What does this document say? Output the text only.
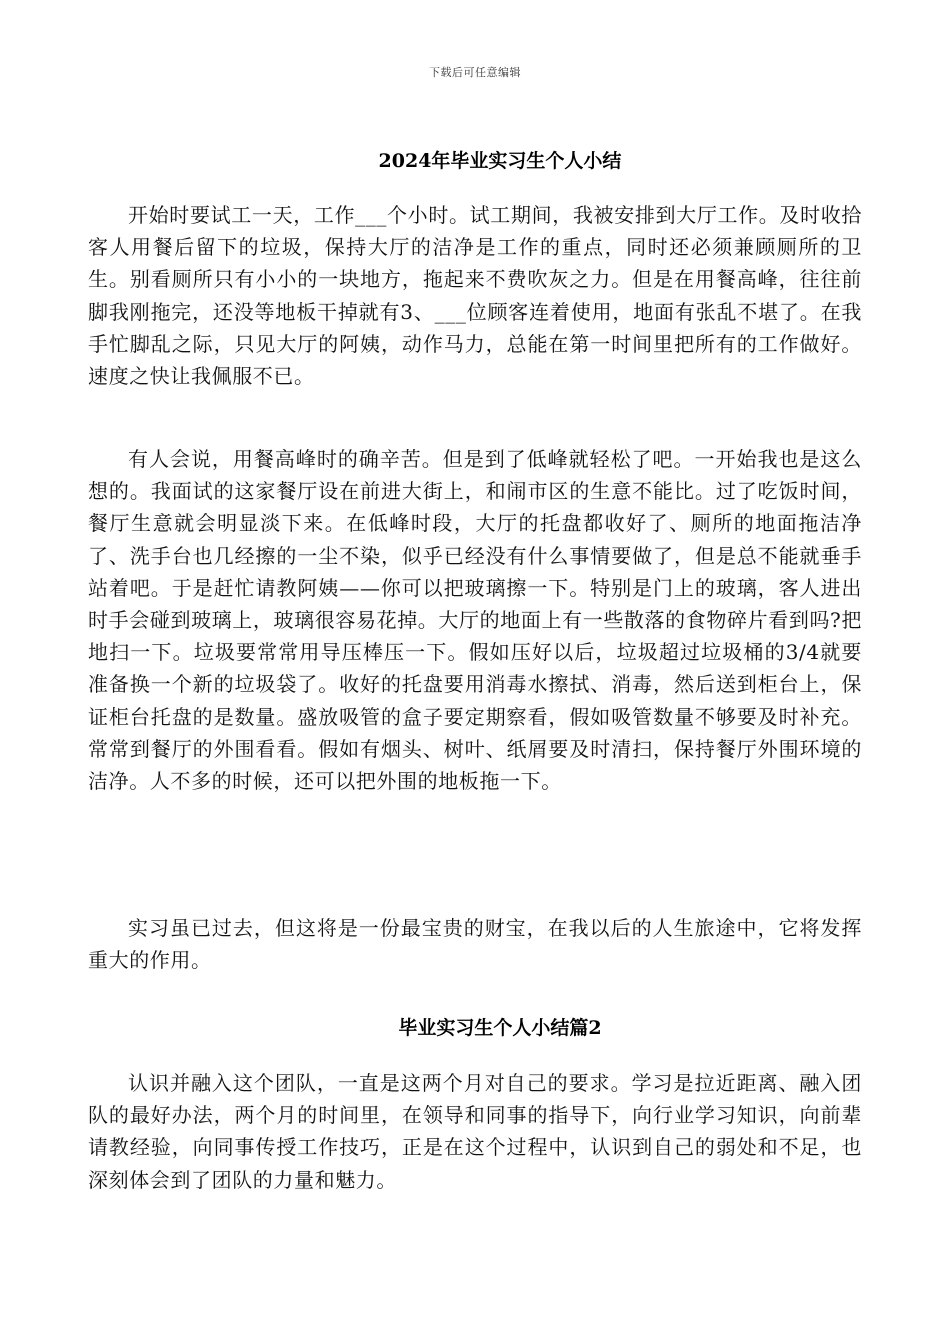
下载后可任意编辑
2024年毕业实习生个人小结

开始时要试工一天，工作___个小时。试工期间，我被安排到大厅工作。及时收拾客人用餐后留下的垃圾，保持大厅的洁净是工作的重点，同时还必须兼顾厕所的卫生。别看厕所只有小小的一块地方，拖起来不费吹灰之力。但是在用餐高峰，往往前脚我刚拖完，还没等地板干掉就有3、___位顾客连着使用，地面有张乱不堪了。在我手忙脚乱之际，只见大厅的阿姨，动作马力，总能在第一时间里把所有的工作做好。速度之快让我佩服不已。

有人会说，用餐高峰时的确辛苦。但是到了低峰就轻松了吧。一开始我也是这么想的。我面试的这家餐厅设在前进大街上，和闹市区的生意不能比。过了吃饭时间，餐厅生意就会明显淡下来。在低峰时段，大厅的托盘都收好了、厕所的地面拖洁净了、洗手台也几经擦的一尘不染，似乎已经没有什么事情要做了，但是总不能就垂手站着吧。于是赶忙请教阿姨——你可以把玻璃擦一下。特别是门上的玻璃，客人进出时手会碰到玻璃上，玻璃很容易花掉。大厅的地面上有一些散落的食物碎片看到吗?把地扫一下。垃圾要常常用导压棒压一下。假如压好以后，垃圾超过垃圾桶的3/4就要准备换一个新的垃圾袋了。收好的托盘要用消毒水擦拭、消毒，然后送到柜台上，保证柜台托盘的是数量。盛放吸管的盒子要定期察看，假如吸管数量不够要及时补充。常常到餐厅的外围看看。假如有烟头、树叶、纸屑要及时清扫，保持餐厅外围环境的洁净。人不多的时候，还可以把外围的地板拖一下。

实习虽已过去，但这将是一份最宝贵的财宝，在我以后的人生旅途中，它将发挥重大的作用。

毕业实习生个人小结篇2

认识并融入这个团队，一直是这两个月对自己的要求。学习是拉近距离、融入团队的最好办法，两个月的时间里，在领导和同事的指导下，向行业学习知识，向前辈请教经验，向同事传授工作技巧，正是在这个过程中，认识到自己的弱处和不足，也深刻体会到了团队的力量和魅力。
